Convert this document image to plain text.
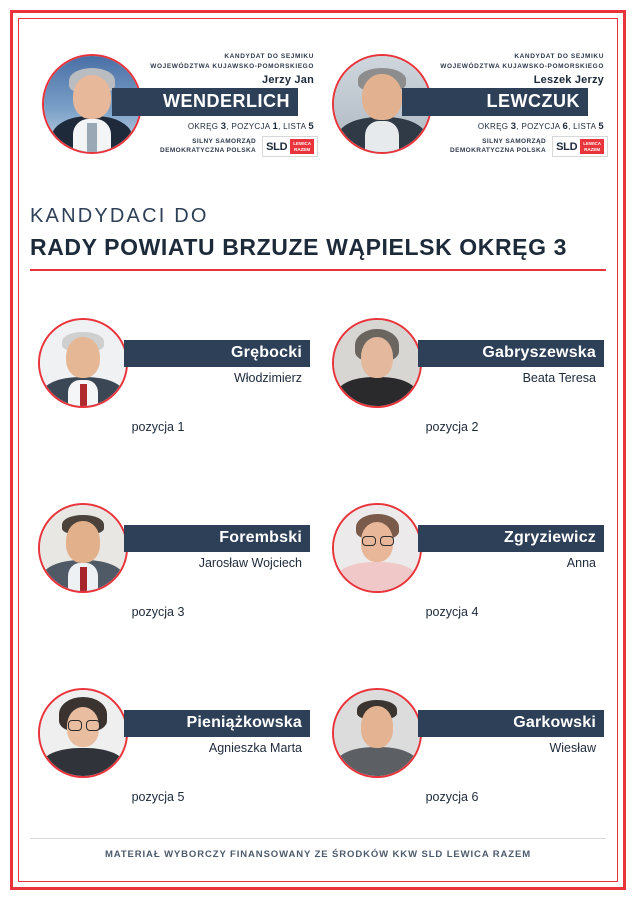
KANDYDAT DO SEJMIKU
WOJEWÓDZTWA KUJAWSKO-POMORSKIEGO
Jerzy Jan
WENDERLICH
OKRĘG 3, POZYCJA 1, LISTA 5
SILNY SAMORZĄD
DEMOKRATYCZNA POLSKA SLD	LEWICA
RAZEM
KANDYDAT DO SEJMIKU
WOJEWÓDZTWA KUJAWSKO-POMORSKIEGO
Leszek Jerzy
LEWCZUK
OKRĘG 3, POZYCJA 6, LISTA 5
SILNY SAMORZĄD
DEMOKRATYCZNA POLSKA SLD	LEWICA
RAZEM
KANDYDACI DO
RADY POWIATU BRZUZE WĄPIELSK OKRĘG 3
Grębocki
Włodzimierz
pozycja 1
Gabryszewska
Beata Teresa
pozycja 2
Forembski
Jarosław Wojciech
pozycja 3
Zgryziewicz
Anna
pozycja 4
Pieniążkowska
Agnieszka Marta
pozycja 5
Garkowski
Wiesław
pozycja 6
MATERIAŁ WYBORCZY FINANSOWANY ZE ŚRODKÓW KKW SLD LEWICA RAZEM
